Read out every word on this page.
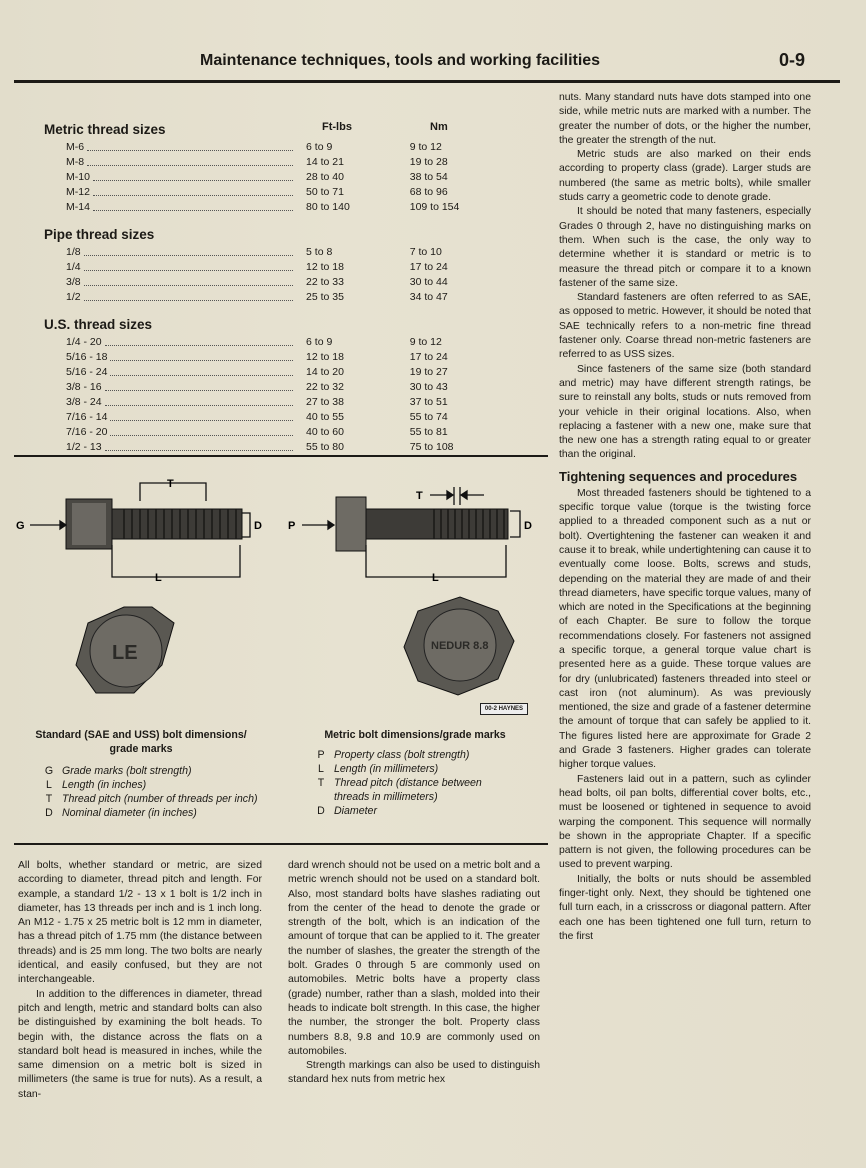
Maintenance techniques, tools and working facilities	0-9
Ft-lbs	Nm
Metric thread sizes
M-6	6 to 9	9 to 12
M-8	14 to 21	19 to 28
M-10	28 to 40	38 to 54
M-12	50 to 71	68 to 96
M-14	80 to 140	109 to 154
Pipe thread sizes
1/8	5 to 8	7 to 10
1/4	12 to 18	17 to 24
3/8	22 to 33	30 to 44
1/2	25 to 35	34 to 47
U.S. thread sizes
1/4 - 20	6 to 9	9 to 12
5/16 - 18	12 to 18	17 to 24
5/16 - 24	14 to 20	19 to 27
3/8 - 16	22 to 32	30 to 43
3/8 - 24	27 to 38	37 to 51
7/16 - 14	40 to 55	55 to 74
7/16 - 20	40 to 60	55 to 81
1/2 - 13	55 to 80	75 to 108
G
T
D
L
LE
P
T
D
L
NEDUR 8.8
00-2 HAYNES
Standard (SAE and USS) bolt dimensions/ grade marks
G Grade marks (bolt strength)
L Length (in inches)
T Thread pitch (number of threads per inch)
D Nominal diameter (in inches)
Metric bolt dimensions/grade marks
P Property class (bolt strength)
L Length (in millimeters)
T Thread pitch (distance between threads in millimeters)
D Diameter

All bolts, whether standard or metric, are sized according to diameter, thread pitch and length. For example, a standard 1/2 - 13 x 1 bolt is 1/2 inch in diameter, has 13 threads per inch and is 1 inch long. An M12 - 1.75 x 25 metric bolt is 12 mm in diameter, has a thread pitch of 1.75 mm (the distance between threads) and is 25 mm long. The two bolts are nearly identical, and easily confused, but they are not interchangeable.

In addition to the differences in diameter, thread pitch and length, metric and standard bolts can also be distinguished by examining the bolt heads. To begin with, the distance across the flats on a standard bolt head is measured in inches, while the same dimension on a metric bolt is sized in millimeters (the same is true for nuts). As a result, a stan-

dard wrench should not be used on a metric bolt and a metric wrench should not be used on a standard bolt. Also, most standard bolts have slashes radiating out from the center of the head to denote the grade or strength of the bolt, which is an indication of the amount of torque that can be applied to it. The greater the number of slashes, the greater the strength of the bolt. Grades 0 through 5 are commonly used on automobiles. Metric bolts have a property class (grade) number, rather than a slash, molded into their heads to indicate bolt strength. In this case, the higher the number, the stronger the bolt. Property class numbers 8.8, 9.8 and 10.9 are commonly used on automobiles.

Strength markings can also be used to distinguish standard hex nuts from metric hex

nuts. Many standard nuts have dots stamped into one side, while metric nuts are marked with a number. The greater the number of dots, or the higher the number, the greater the strength of the nut.

Metric studs are also marked on their ends according to property class (grade). Larger studs are numbered (the same as metric bolts), while smaller studs carry a geometric code to denote grade.

It should be noted that many fasteners, especially Grades 0 through 2, have no distinguishing marks on them. When such is the case, the only way to determine whether it is standard or metric is to measure the thread pitch or compare it to a known fastener of the same size.

Standard fasteners are often referred to as SAE, as opposed to metric. However, it should be noted that SAE technically refers to a non-metric fine thread fastener only. Coarse thread non-metric fasteners are referred to as USS sizes.

Since fasteners of the same size (both standard and metric) may have different strength ratings, be sure to reinstall any bolts, studs or nuts removed from your vehicle in their original locations. Also, when replacing a fastener with a new one, make sure that the new one has a strength rating equal to or greater than the original.

Tightening sequences and procedures

Most threaded fasteners should be tightened to a specific torque value (torque is the twisting force applied to a threaded component such as a nut or bolt). Overtightening the fastener can weaken it and cause it to break, while undertightening can cause it to eventually come loose. Bolts, screws and studs, depending on the material they are made of and their thread diameters, have specific torque values, many of which are noted in the Specifications at the beginning of each Chapter. Be sure to follow the torque recommendations closely. For fasteners not assigned a specific torque, a general torque value chart is presented here as a guide. These torque values are for dry (unlubricated) fasteners threaded into steel or cast iron (not aluminum). As was previously mentioned, the size and grade of a fastener determine the amount of torque that can safely be applied to it. The figures listed here are approximate for Grade 2 and Grade 3 fasteners. Higher grades can tolerate higher torque values.

Fasteners laid out in a pattern, such as cylinder head bolts, oil pan bolts, differential cover bolts, etc., must be loosened or tightened in sequence to avoid warping the component. This sequence will normally be shown in the appropriate Chapter. If a specific pattern is not given, the following procedures can be used to prevent warping.

Initially, the bolts or nuts should be assembled finger-tight only. Next, they should be tightened one full turn each, in a crisscross or diagonal pattern. After each one has been tightened one full turn, return to the first
